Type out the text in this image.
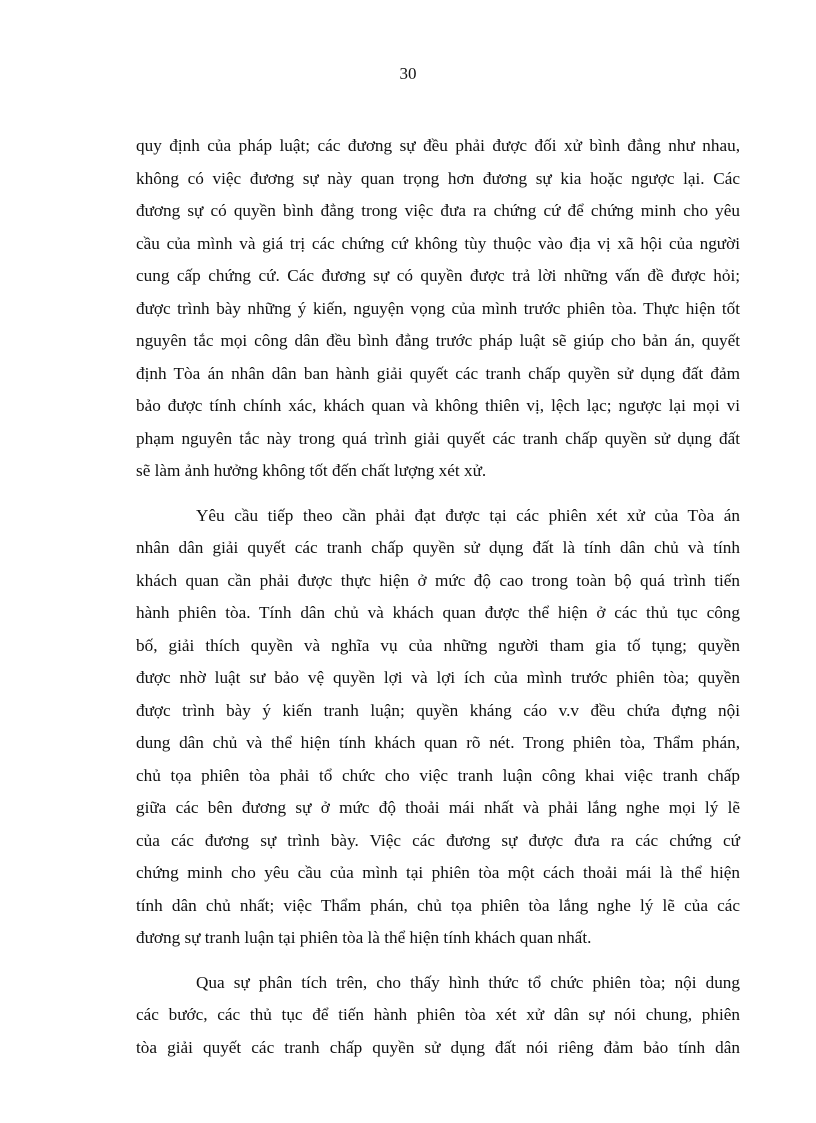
30
quy định của pháp luật; các đương sự đều phải được đối xử bình đẳng như nhau,
không có việc đương sự này quan trọng hơn đương sự kia hoặc ngược lại. Các
đương sự có quyền bình đẳng trong việc đưa ra chứng cứ để chứng minh cho yêu
cầu của mình và giá trị các chứng cứ không tùy thuộc vào địa vị xã hội của người
cung cấp chứng cứ. Các đương sự có quyền được trả lời những vấn đề được hỏi;
được trình bày những ý kiến, nguyện vọng của mình trước phiên tòa. Thực hiện tốt
nguyên tắc mọi công dân đều bình đẳng trước pháp luật sẽ giúp cho bản án, quyết
định Tòa án nhân dân ban hành giải quyết các tranh chấp quyền sử dụng đất đảm
bảo được tính chính xác, khách quan và không thiên vị, lệch lạc; ngược lại mọi vi
phạm nguyên tắc này trong quá trình giải quyết các tranh chấp quyền sử dụng đất
sẽ làm ảnh hưởng không tốt đến chất lượng xét xử.
Yêu cầu tiếp theo cần phải đạt được tại các phiên xét xử của Tòa án
nhân dân giải quyết các tranh chấp quyền sử dụng đất là tính dân chủ và tính
khách quan cần phải được thực hiện ở mức độ cao trong toàn bộ quá trình tiến
hành phiên tòa. Tính dân chủ và khách quan được thể hiện ở các thủ tục công
bố, giải thích quyền và nghĩa vụ của những người tham gia tố tụng; quyền
được nhờ luật sư bảo vệ quyền lợi và lợi ích của mình trước phiên tòa; quyền
được trình bày ý kiến tranh luận; quyền kháng cáo v.v đều chứa đựng nội
dung dân chủ và thể hiện tính khách quan rõ nét. Trong phiên tòa, Thẩm phán,
chủ tọa phiên tòa phải tổ chức cho việc tranh luận công khai việc tranh chấp
giữa các bên đương sự ở mức độ thoải mái nhất và phải lắng nghe mọi lý lẽ
của các đương sự trình bày. Việc các đương sự được đưa ra các chứng cứ
chứng minh cho yêu cầu của mình tại phiên tòa một cách thoải mái là thể hiện
tính dân chủ nhất; việc Thẩm phán, chủ tọa phiên tòa lắng nghe lý lẽ của các
đương sự tranh luận tại phiên tòa là thể hiện tính khách quan nhất.
Qua sự phân tích trên, cho thấy hình thức tổ chức phiên tòa; nội dung
các bước, các thủ tục để tiến hành phiên tòa xét xử dân sự nói chung, phiên
tòa giải quyết các tranh chấp quyền sử dụng đất nói riêng đảm bảo tính dân
